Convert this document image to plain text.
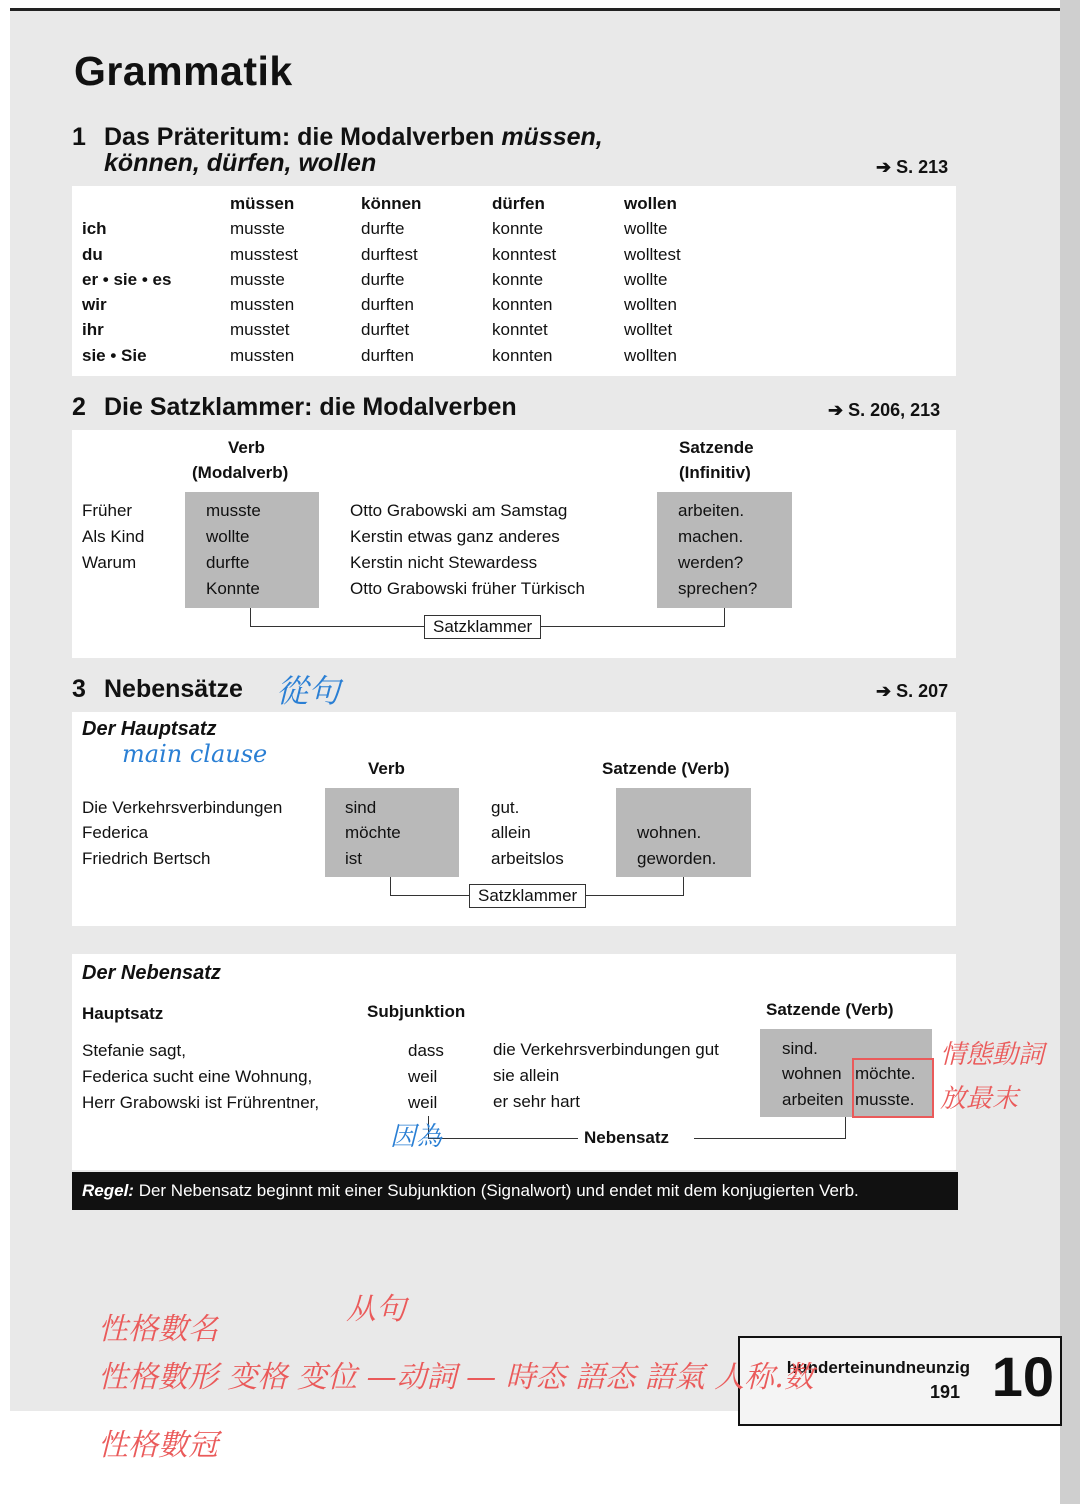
Grammatik
1 Das Präteritum: die Modalverben müssen,
können, dürfen, wollen	➔ S. 213
müssen	können	dürfen	wollen
ich	musste	durfte	konnte	wollte
du	musstest	durftest	konntest	wolltest
er • sie • es	musste	durfte	konnte	wollte
wir	mussten	durften	konnten	wollten
ihr	musstet	durftet	konntet	wolltet
sie • Sie	mussten	durften	konnten	wollten
2 Die Satzklammer: die Modalverben	➔ S. 206, 213
Verb
(Modalverb)
Satzende
(Infinitiv)
Früher	musste	Otto Grabowski am Samstag	arbeiten.
Als Kind	wollte	Kerstin etwas ganz anderes	machen.
Warum	durfte	Kerstin nicht Stewardess	werden?
Konnte	Otto Grabowski früher Türkisch	sprechen?
Satzklammer
3 Nebensätze 從句	➔ S. 207
Der Hauptsatz
main clause
Verb	Satzende (Verb)
Die Verkehrsverbindungen	sind	gut.
Federica	möchte	allein	wohnen.
Friedrich Bertsch	ist	arbeitslos	geworden.
Satzklammer
Der Nebensatz
Hauptsatz	Subjunktion	Satzende (Verb)
Stefanie sagt,	dass	die Verkehrsverbindungen gut	sind.
Federica sucht eine Wohnung,	weil	sie allein	wohnen möchte.
Herr Grabowski ist Frührentner,	weil	er sehr hart	arbeiten musste.
Nebensatz
因為
情態動詞
放最末
Regel: Der Nebensatz beginnt mit einer Subjunktion (Signalwort) und endet mit dem konjugierten Verb.
hunderteinundneunzig
191 10
性格數名
从句
性格數形 变格 变位 —动詞 — 時态 語态 語氣 人称.数
性格數冠
